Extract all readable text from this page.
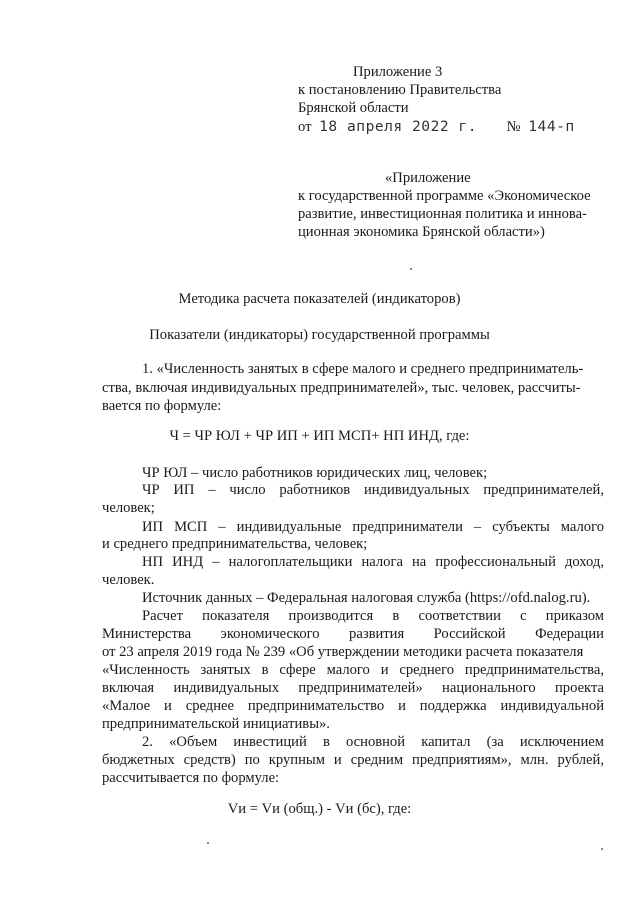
Приложение 3
к постановлению Правительства
Брянской области
от 18 апреля 2022 г. № 144-п
«Приложение
к государственной программе «Экономическое
развитие, инвестиционная политика и иннова-
ционная экономика Брянской области»)
Методика расчета показателей (индикаторов)
Показатели (индикаторы) государственной программы
1. «Численность занятых в сфере малого и среднего предприниматель-
ства, включая индивидуальных предпринимателей», тыс. человек, рассчиты-
вается по формуле:
Ч = ЧР ЮЛ + ЧР ИП + ИП МСП+ НП ИНД, где:
ЧР ЮЛ – число работников юридических лиц, человек;
ЧР ИП – число работников индивидуальных предпринимателей,
человек;
ИП МСП – индивидуальные предприниматели – субъекты малого
и среднего предпринимательства, человек;
НП ИНД – налогоплательщики налога на профессиональный доход,
человек.
Источник данных – Федеральная налоговая служба (https://ofd.nalog.ru).
Расчет показателя производится в соответствии с приказом
Министерства экономического развития Российской Федерации
от 23 апреля 2019 года № 239 «Об утверждении методики расчета показателя
«Численность занятых в сфере малого и среднего предпринимательства,
включая индивидуальных предпринимателей» национального проекта
«Малое и среднее предпринимательство и поддержка индивидуальной
предпринимательской инициативы».
2. «Объем инвестиций в основной капитал (за исключением
бюджетных средств) по крупным и средним предприятиям», млн. рублей,
рассчитывается по формуле:
Vи = Vи (общ.) - Vи (бс), где:
